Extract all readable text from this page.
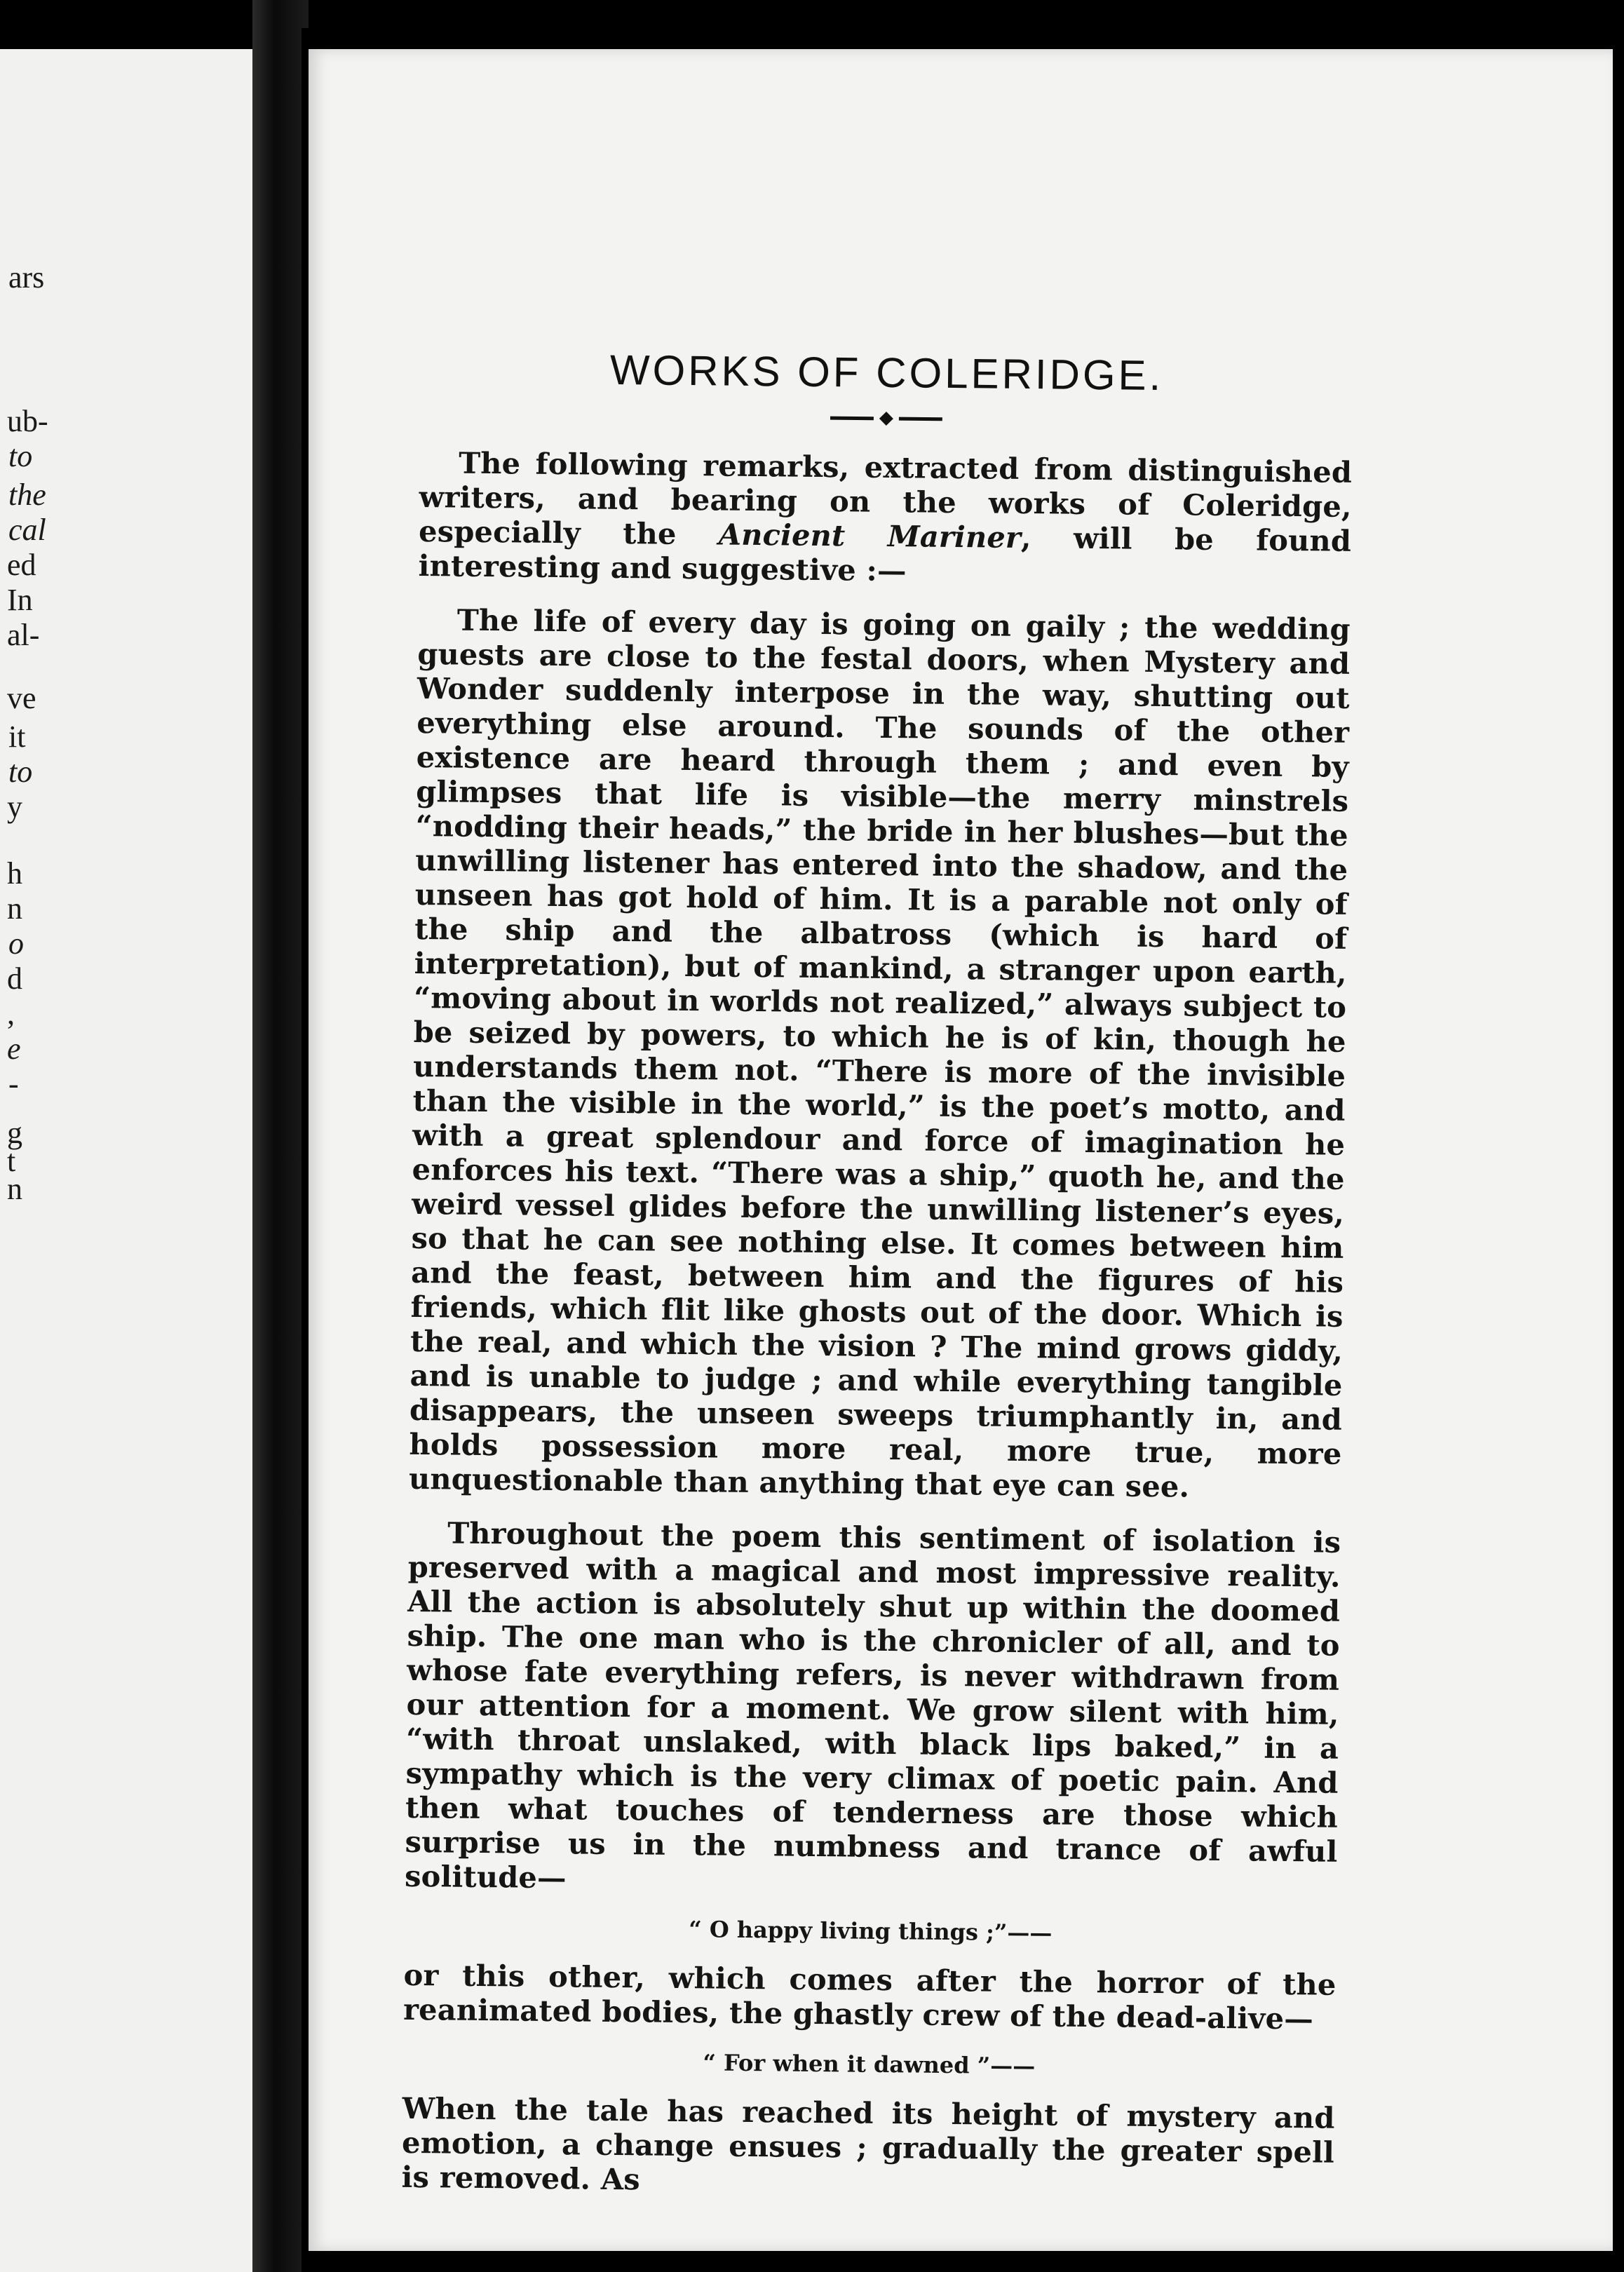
ars
ub-
to
the
cal
ed
In
al-
ve
it
to
y
h
n
o
d
,
e
-
g
t
n
WORKS OF COLERIDGE.

The following remarks, extracted from distinguished writers, and bearing on the works of Coleridge, especially the Ancient Mariner, will be found interesting and suggestive :—

The life of every day is going on gaily ; the wedding guests are close to the festal doors, when Mystery and Wonder suddenly interpose in the way, shutting out everything else around. The sounds of the other existence are heard through them ; and even by glimpses that life is visible—the merry minstrels “nodding their heads,” the bride in her blushes—but the unwilling listener has entered into the shadow, and the unseen has got hold of him. It is a parable not only of the ship and the albatross (which is hard of interpretation), but of mankind, a stranger upon earth, “moving about in worlds not realized,” always subject to be seized by powers, to which he is of kin, though he understands them not. “There is more of the invisible than the visible in the world,” is the poet’s motto, and with a great splendour and force of imagination he enforces his text. “There was a ship,” quoth he, and the weird vessel glides before the unwilling listener’s eyes, so that he can see nothing else. It comes between him and the feast, between him and the figures of his friends, which flit like ghosts out of the door. Which is the real, and which the vision ? The mind grows giddy, and is unable to judge ; and while everything tangible disappears, the unseen sweeps triumphantly in, and holds possession more real, more true, more unquestionable than anything that eye can see.

Throughout the poem this sentiment of isolation is preserved with a magical and most impressive reality. All the action is absolutely shut up within the doomed ship. The one man who is the chronicler of all, and to whose fate everything refers, is never withdrawn from our attention for a moment. We grow silent with him, “with throat unslaked, with black lips baked,” in a sympathy which is the very climax of poetic pain. And then what touches of tenderness are those which surprise us in the numbness and trance of awful solitude—

“ O happy living things ;”——

or this other, which comes after the horror of the reanimated bodies, the ghastly crew of the dead-alive—

“ For when it dawned ”——

When the tale has reached its height of mystery and emotion, a change ensues ; gradually the greater spell is removed. As
